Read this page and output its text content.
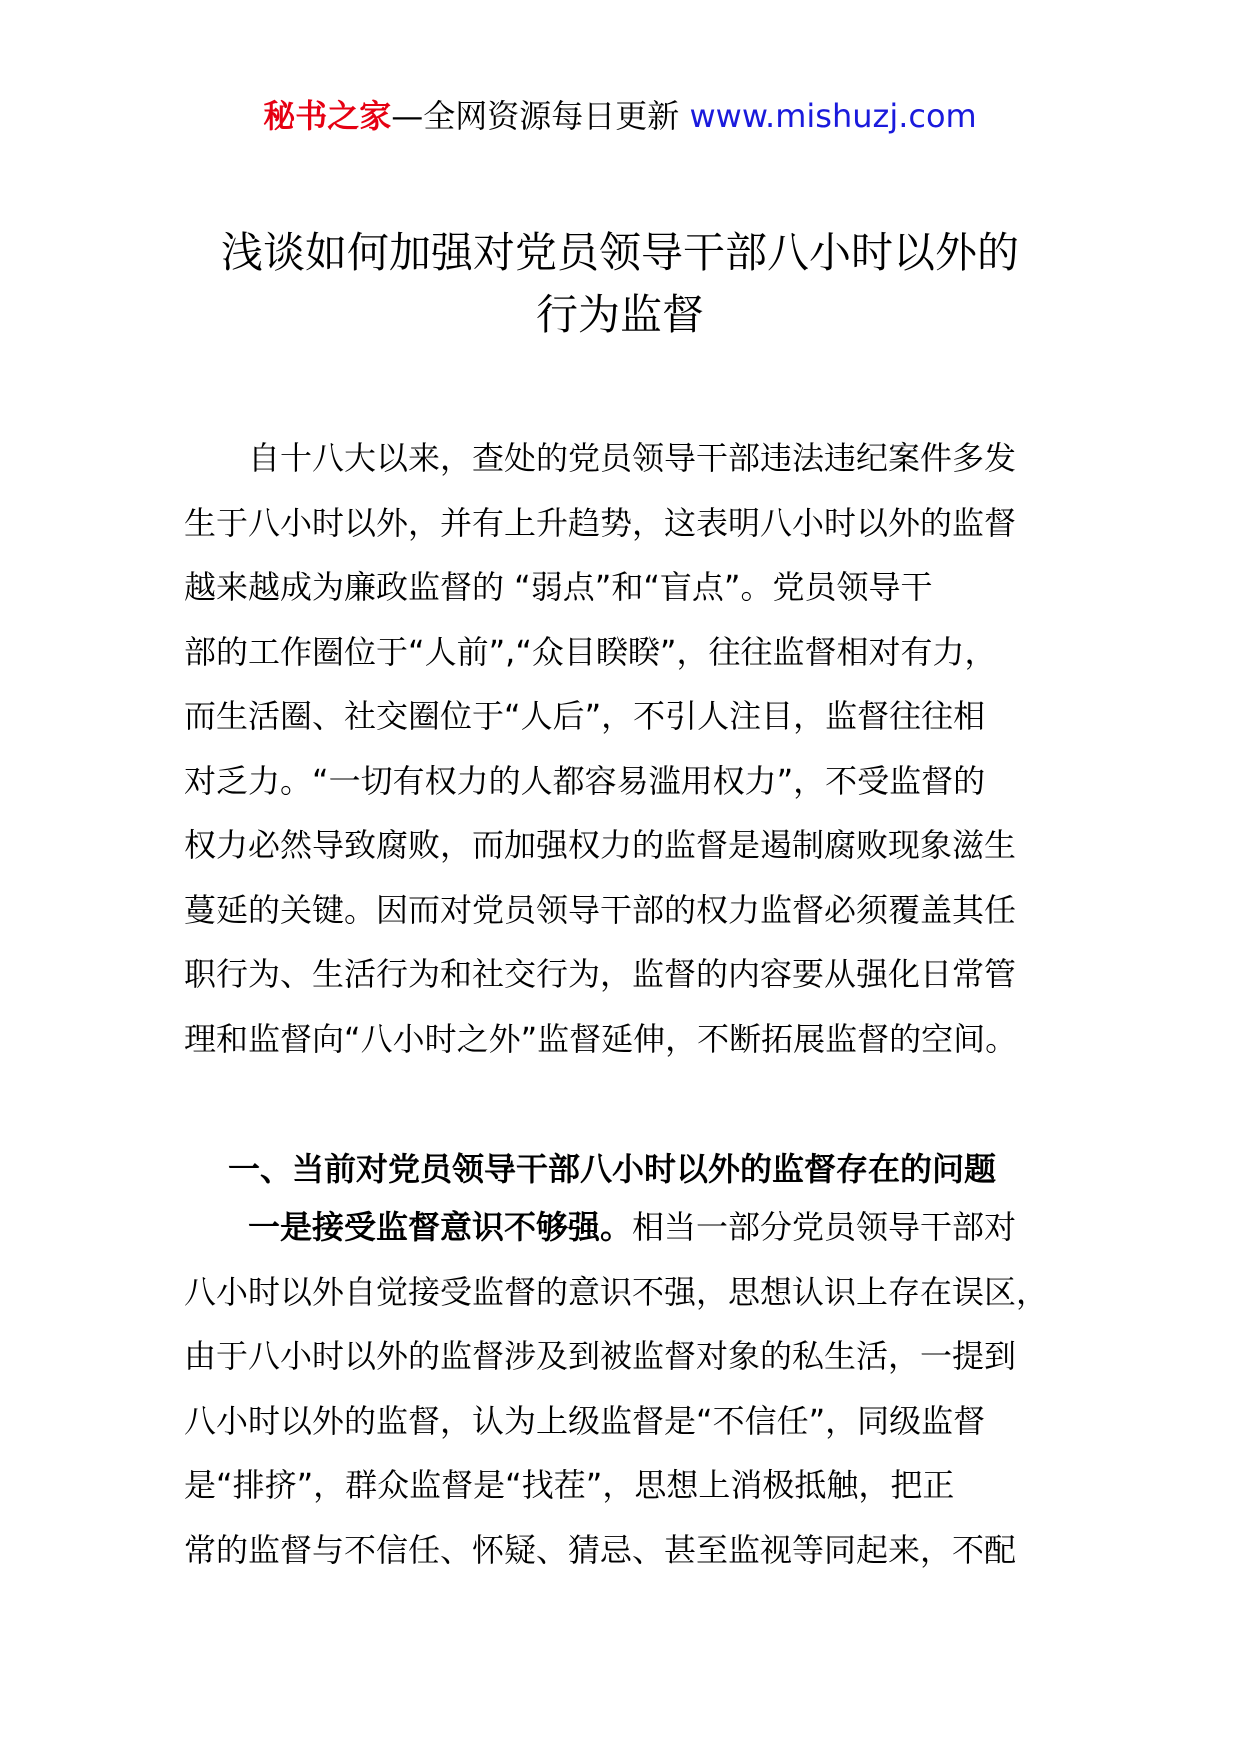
秘书之家—全网资源每日更新 www.mishuzj.com
浅谈如何加强对党员领导干部八小时以外的
行为监督
自十八大以来，查处的党员领导干部违法违纪案件多发
生于八小时以外，并有上升趋势，这表明八小时以外的监督
越来越成为廉政监督的 “弱点”和“盲点”。党员领导干
部的工作圈位于“人前”,“众目睽睽”，往往监督相对有力，
而生活圈、社交圈位于“人后”，不引人注目，监督往往相
对乏力。“一切有权力的人都容易滥用权力”，不受监督的
权力必然导致腐败，而加强权力的监督是遏制腐败现象滋生
蔓延的关键。因而对党员领导干部的权力监督必须覆盖其任
职行为、生活行为和社交行为，监督的内容要从强化日常管
理和监督向“八小时之外”监督延伸，不断拓展监督的空间。
一、当前对党员领导干部八小时以外的监督存在的问题
一是接受监督意识不够强。相当一部分党员领导干部对
八小时以外自觉接受监督的意识不强，思想认识上存在误区，
由于八小时以外的监督涉及到被监督对象的私生活，一提到
八小时以外的监督，认为上级监督是“不信任”，同级监督
是“排挤”，群众监督是“找茬”，思想上消极抵触，把正
常的监督与不信任、怀疑、猜忌、甚至监视等同起来，不配
